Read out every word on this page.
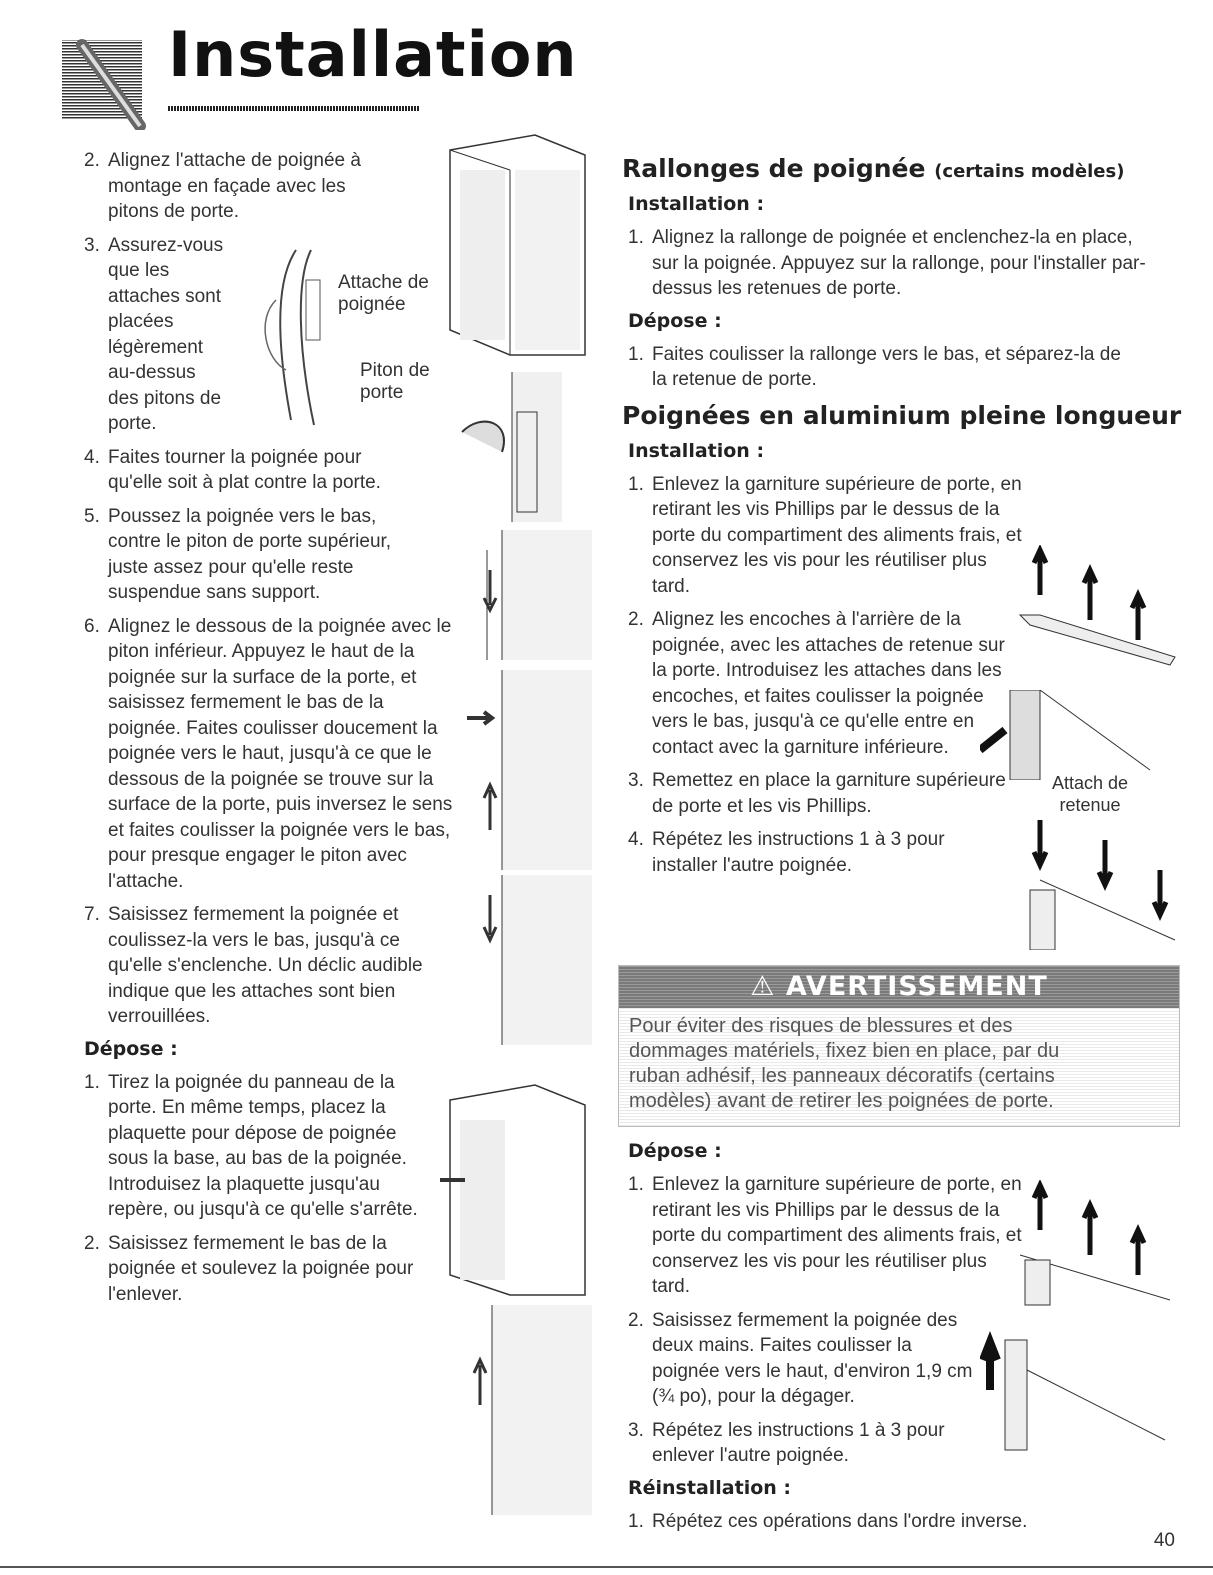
Installation
2. Alignez l'attache de poignée à montage en façade avec les pitons de porte.
3. Assurez-vous que les attaches sont placées légèrement au-dessus des pitons de porte.
4. Faites tourner la poignée pour qu'elle soit à plat contre la porte.
5. Poussez la poignée vers le bas, contre le piton de porte supérieur, juste assez pour qu'elle reste suspendue sans support.
6. Alignez le dessous de la poignée avec le piton inférieur. Appuyez le haut de la poignée sur la surface de la porte, et saisissez fermement le bas de la poignée. Faites coulisser doucement la poignée vers le haut, jusqu'à ce que le dessous de la poignée se trouve sur la surface de la porte, puis inversez le sens et faites coulisser la poignée vers le bas, pour presque engager le piton avec l'attache.
7. Saisissez fermement la poignée et coulissez-la vers le bas, jusqu'à ce qu'elle s'enclenche. Un déclic audible indique que les attaches sont bien verrouillées.
Dépose :
1. Tirez la poignée du panneau de la porte. En même temps, placez la plaquette pour dépose de poignée sous la base, au bas de la poignée. Introduisez la plaquette jusqu'au repère, ou jusqu'à ce qu'elle s'arrête.
2. Saisissez fermement le bas de la poignée et soulevez la poignée pour l'enlever.
Attache de poignée
Piton de porte
Rallonges de poignée (certains modèles)
Installation :
1. Alignez la rallonge de poignée et enclenchez-la en place, sur la poignée. Appuyez sur la rallonge, pour l'installer par-dessus les retenues de porte.
Dépose :
1. Faites coulisser la rallonge vers le bas, et séparez-la de la retenue de porte.
Poignées en aluminium pleine longueur
Installation :
1. Enlevez la garniture supérieure de porte, en retirant les vis Phillips par le dessus de la porte du compartiment des aliments frais, et conservez les vis pour les réutiliser plus tard.
2. Alignez les encoches à l'arrière de la poignée, avec les attaches de retenue sur la porte. Introduisez les attaches dans les encoches, et faites coulisser la poignée vers le bas, jusqu'à ce qu'elle entre en contact avec la garniture inférieure.
3. Remettez en place la garniture supérieure de porte et les vis Phillips.
4. Répétez les instructions 1 à 3 pour installer l'autre poignée.
Attach de retenue
⚠ AVERTISSEMENT
Pour éviter des risques de blessures et des dommages matériels, fixez bien en place, par du ruban adhésif, les panneaux décoratifs (certains modèles) avant de retirer les poignées de porte.
Dépose :
1. Enlevez la garniture supérieure de porte, en retirant les vis Phillips par le dessus de la porte du compartiment des aliments frais, et conservez les vis pour les réutiliser plus tard.
2. Saisissez fermement la poignée des deux mains. Faites coulisser la poignée vers le haut, d'environ 1,9 cm (¾ po), pour la dégager.
3. Répétez les instructions 1 à 3 pour enlever l'autre poignée.
Réinstallation :
1. Répétez ces opérations dans l'ordre inverse.
40
